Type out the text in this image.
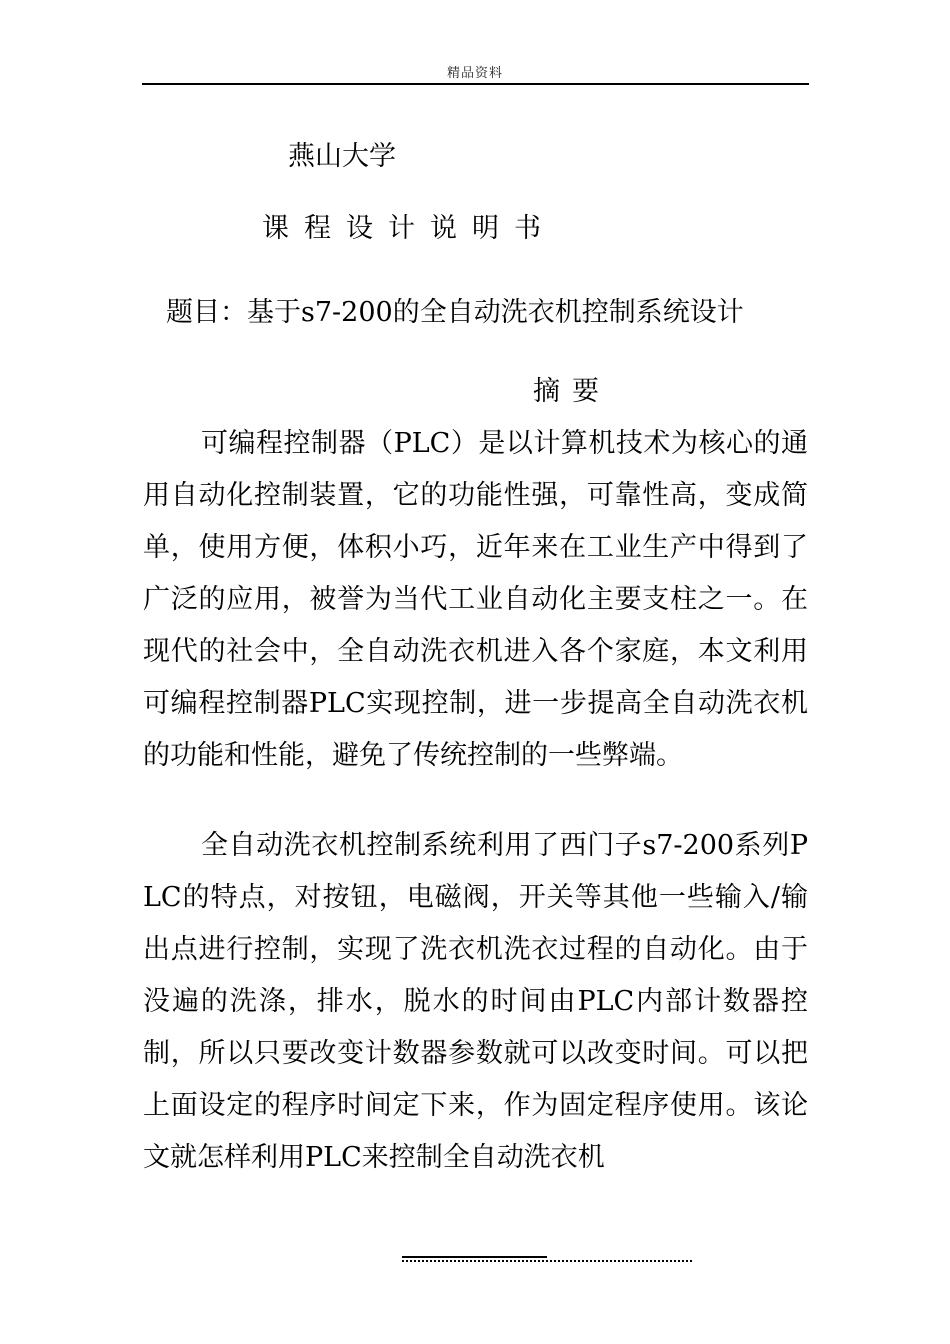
精品资料
燕山大学
课程设计说明书
题目：基于s7-200的全自动洗衣机控制系统设计
摘要

可编程控制器（PLC）是以计算机技术为核心的通用自动化控制装置，它的功能性强，可靠性高，变成简单，使用方便，体积小巧，近年来在工业生产中得到了广泛的应用，被誉为当代工业自动化主要支柱之一。在现代的社会中，全自动洗衣机进入各个家庭，本文利用可编程控制器PLC实现控制，进一步提高全自动洗衣机的功能和性能，避免了传统控制的一些弊端。

全自动洗衣机控制系统利用了西门子s7-200系列PLC的特点，对按钮，电磁阀，开关等其他一些输入/输出点进行控制，实现了洗衣机洗衣过程的自动化。由于没遍的洗涤，排水，脱水的时间由PLC内部计数器控制，所以只要改变计数器参数就可以改变时间。可以把上面设定的程序时间定下来，作为固定程序使用。该论文就怎样利用PLC来控制全自动洗衣机
